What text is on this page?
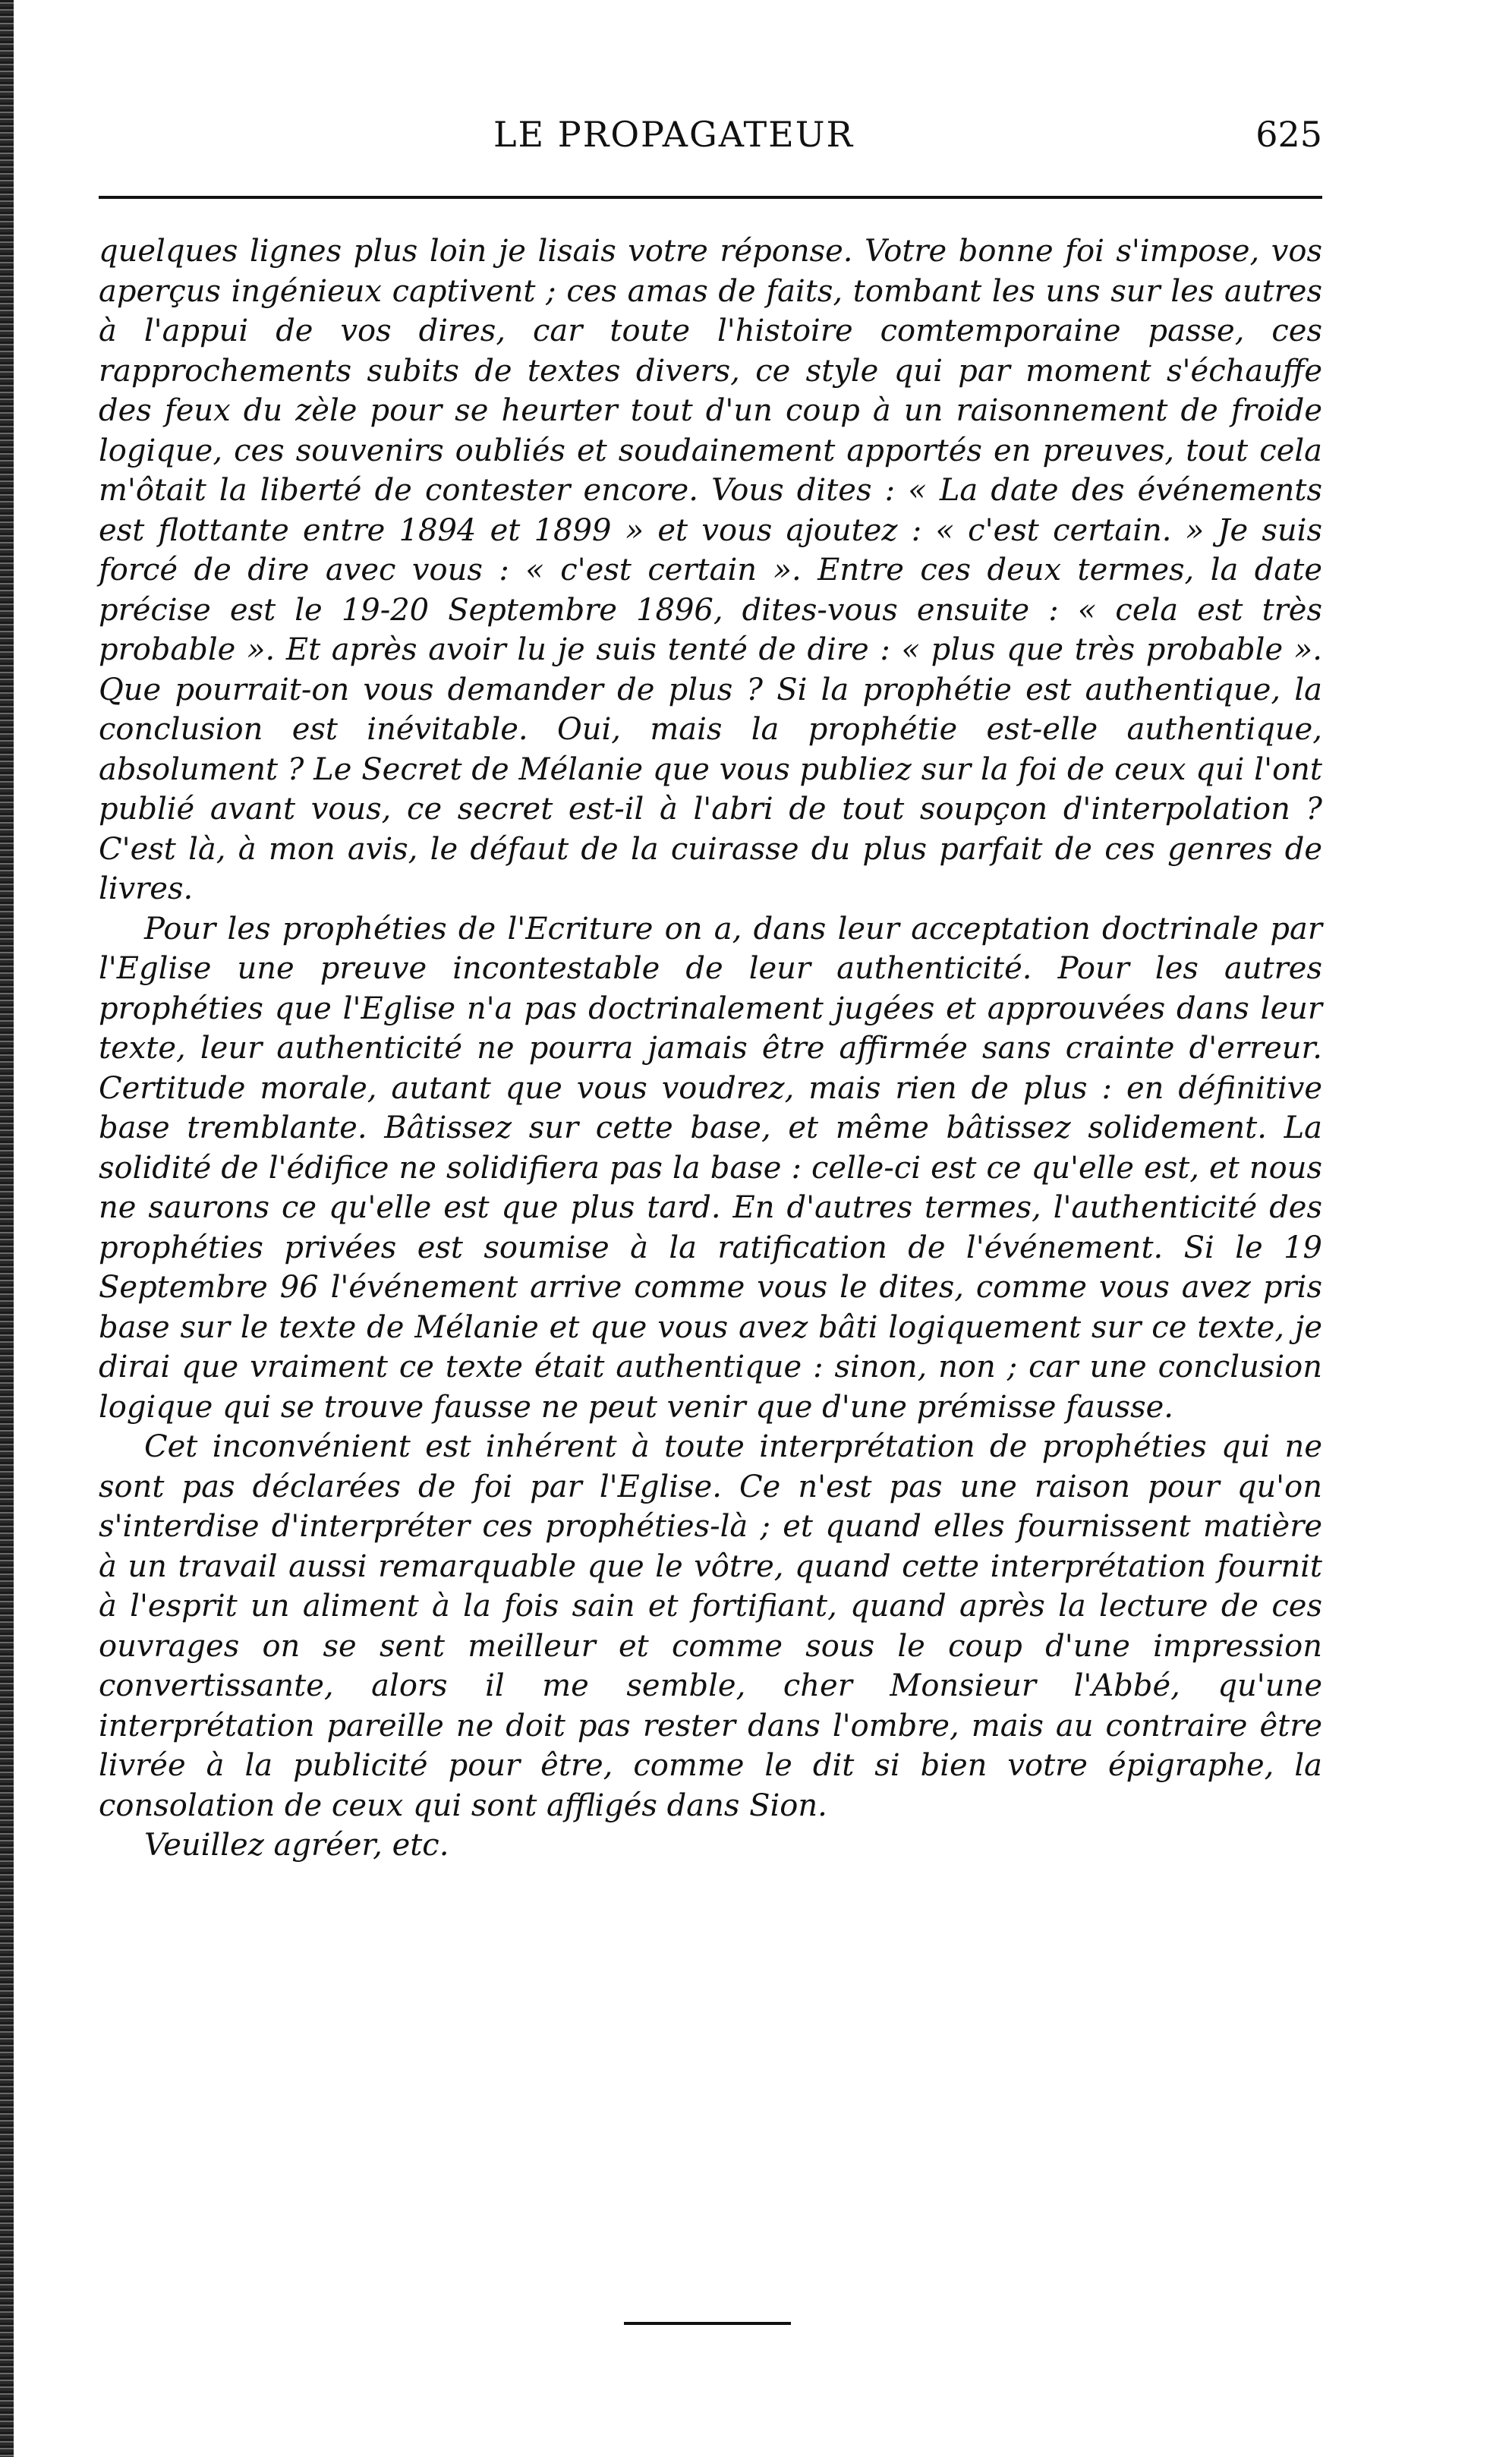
LE PROPAGATEUR	625

quelques lignes plus loin je lisais votre réponse. Votre bonne foi s'impose, vos aperçus ingénieux captivent ; ces amas de faits, tombant les uns sur les autres à l'appui de vos dires, car toute l'histoire comtemporaine passe, ces rapprochements subits de textes divers, ce style qui par moment s'échauffe des feux du zèle pour se heurter tout d'un coup à un raisonnement de froide logique, ces souvenirs oubliés et soudainement apportés en preuves, tout cela m'ôtait la liberté de contester encore. Vous dites : « La date des événements est flottante entre 1894 et 1899 » et vous ajoutez : « c'est certain. » Je suis forcé de dire avec vous : « c'est certain ». Entre ces deux termes, la date précise est le 19-20 Septembre 1896, dites-vous ensuite : « cela est très probable ». Et après avoir lu je suis tenté de dire : « plus que très probable ». Que pourrait-on vous demander de plus ? Si la prophétie est authentique, la conclusion est inévitable. Oui, mais la prophétie est-elle authentique, absolument ? Le Secret de Mélanie que vous publiez sur la foi de ceux qui l'ont publié avant vous, ce secret est-il à l'abri de tout soupçon d'interpolation ? C'est là, à mon avis, le défaut de la cuirasse du plus parfait de ces genres de livres.

Pour les prophéties de l'Ecriture on a, dans leur acceptation doctrinale par l'Eglise une preuve incontestable de leur authenticité. Pour les autres prophéties que l'Eglise n'a pas doctrinalement jugées et approuvées dans leur texte, leur authenticité ne pourra jamais être affirmée sans crainte d'erreur. Certitude morale, autant que vous voudrez, mais rien de plus : en définitive base tremblante. Bâtissez sur cette base, et même bâtissez solidement. La solidité de l'édifice ne solidifiera pas la base : celle-ci est ce qu'elle est, et nous ne saurons ce qu'elle est que plus tard. En d'autres termes, l'authenticité des prophéties privées est soumise à la ratification de l'événement. Si le 19 Septembre 96 l'événement arrive comme vous le dites, comme vous avez pris base sur le texte de Mélanie et que vous avez bâti logiquement sur ce texte, je dirai que vraiment ce texte était authentique : sinon, non ; car une conclusion logique qui se trouve fausse ne peut venir que d'une prémisse fausse.

Cet inconvénient est inhérent à toute interprétation de prophéties qui ne sont pas déclarées de foi par l'Eglise. Ce n'est pas une raison pour qu'on s'interdise d'interpréter ces prophéties-là ; et quand elles fournissent matière à un travail aussi remarquable que le vôtre, quand cette interprétation fournit à l'esprit un aliment à la fois sain et fortifiant, quand après la lecture de ces ouvrages on se sent meilleur et comme sous le coup d'une impression convertissante, alors il me semble, cher Monsieur l'Abbé, qu'une interprétation pareille ne doit pas rester dans l'ombre, mais au contraire être livrée à la publicité pour être, comme le dit si bien votre épigraphe, la consolation de ceux qui sont affligés dans Sion.

Veuillez agréer, etc.
